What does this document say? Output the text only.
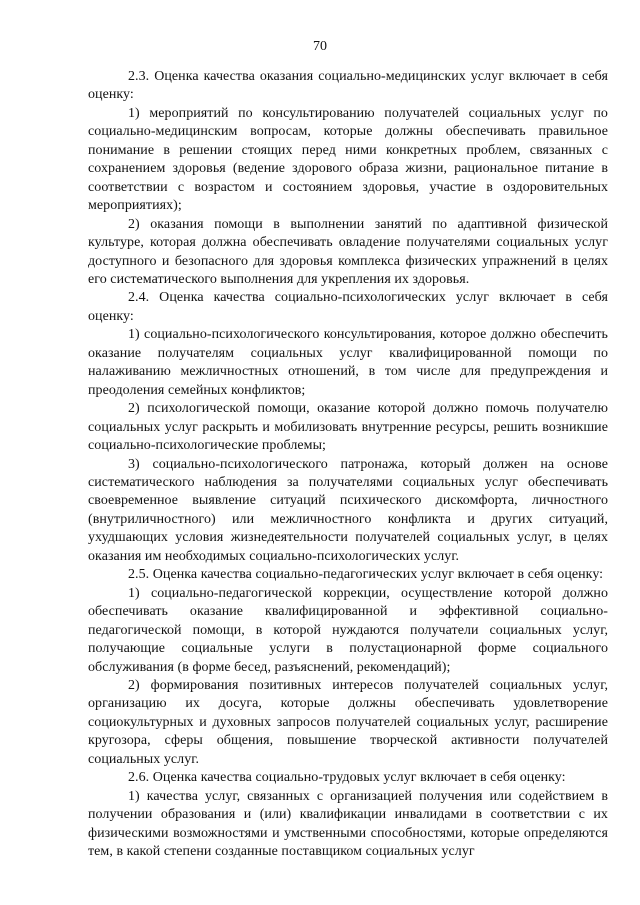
70

2.3. Оценка качества оказания социально-медицинских услуг включает в себя оценку:

1) мероприятий по консультированию получателей социальных услуг по социально-медицинским вопросам, которые должны обеспечивать правильное понимание в решении стоящих перед ними конкретных проблем, связанных с сохранением здоровья (ведение здорового образа жизни, рациональное питание в соответствии с возрастом и состоянием здоровья, участие в оздоровительных мероприятиях);

2) оказания помощи в выполнении занятий по адаптивной физической культуре, которая должна обеспечивать овладение получателями социальных услуг доступного и безопасного для здоровья комплекса физических упражнений в целях его систематического выполнения для укрепления их здоровья.

2.4. Оценка качества социально-психологических услуг включает в себя оценку:

1) социально-психологического консультирования, которое должно обеспечить оказание получателям социальных услуг квалифицированной помощи по налаживанию межличностных отношений, в том числе для предупреждения и преодоления семейных конфликтов;

2) психологической помощи, оказание которой должно помочь получателю социальных услуг раскрыть и мобилизовать внутренние ресурсы, решить возникшие социально-психологические проблемы;

3) социально-психологического патронажа, который должен на основе систематического наблюдения за получателями социальных услуг обеспечивать своевременное выявление ситуаций психического дискомфорта, личностного (внутриличностного) или межличностного конфликта и других ситуаций, ухудшающих условия жизнедеятельности получателей социальных услуг, в целях оказания им необходимых социально-психологических услуг.

2.5. Оценка качества социально-педагогических услуг включает в себя оценку:

1) социально-педагогической коррекции, осуществление которой должно обеспечивать оказание квалифицированной и эффективной социально-педагогической помощи, в которой нуждаются получатели социальных услуг, получающие социальные услуги в полустационарной форме социального обслуживания (в форме бесед, разъяснений, рекомендаций);

2) формирования позитивных интересов получателей социальных услуг, организацию их досуга, которые должны обеспечивать удовлетворение социокультурных и духовных запросов получателей социальных услуг, расширение кругозора, сферы общения, повышение творческой активности получателей социальных услуг.

2.6. Оценка качества социально-трудовых услуг включает в себя оценку:

1) качества услуг, связанных с организацией получения или содействием в получении образования и (или) квалификации инвалидами в соответствии с их физическими возможностями и умственными способностями, которые определяются тем, в какой степени созданные поставщиком социальных услуг
